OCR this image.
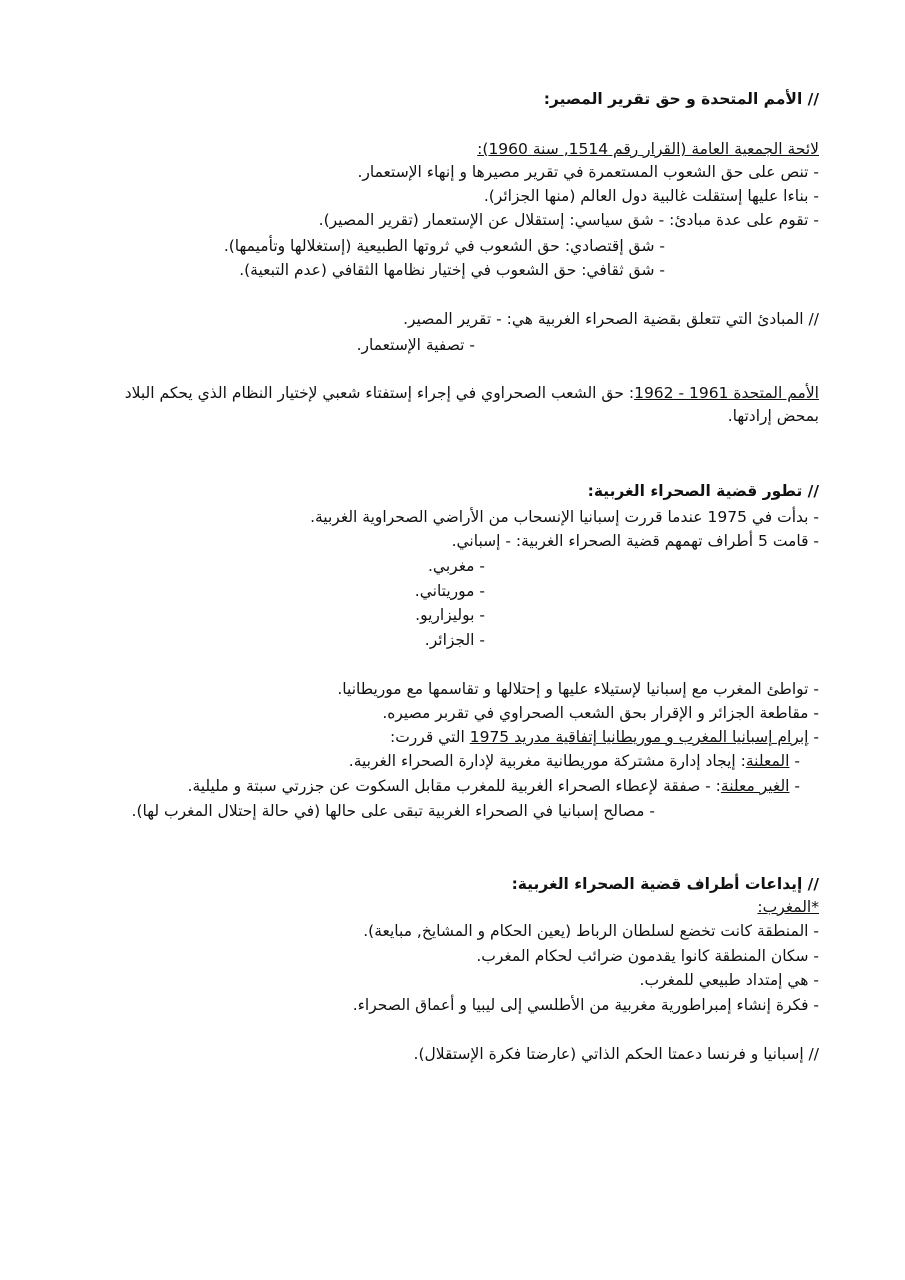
// الأمم المتحدة و حق تقرير المصير:
لائحة الجمعية العامة (القرار رقم 1514, سنة 1960):
- تنص على حق الشعوب المستعمرة في تقرير مصيرها و إنهاء الإستعمار.
- بناءا عليها إستقلت غالبية دول العالم (منها الجزائر).
- تقوم على عدة مبادئ: - شق سياسي: إستقلال عن الإستعمار (تقرير المصير).
- شق إقتصادي: حق الشعوب في ثروتها الطبيعية (إستغلالها وتأميمها).
- شق ثقافي: حق الشعوب في إختيار نظامها الثقافي (عدم التبعية).
// المبادئ التي تتعلق بقضية الصحراء الغربية هي: - تقرير المصير.
- تصفية الإستعمار.
الأمم المتحدة 1961 - 1962: حق الشعب الصحراوي في إجراء إستفتاء شعبي لإختيار النظام الذي يحكم البلاد بمحض إرادتها.
// تطور قضية الصحراء الغربية:
- بدأت في 1975 عندما قررت إسبانيا الإنسحاب من الأراضي الصحراوية الغربية.
- قامت 5 أطراف تهمهم قضية الصحراء الغربية: - إسباني.
- مغربي.
- موريتاني.
- بوليزاريو.
- الجزائر.
- تواطئ المغرب مع إسبانيا لإستيلاء عليها و إحتلالها و تقاسمها مع موريطانيا.
- مقاطعة الجزائر و الإقرار بحق الشعب الصحراوي في تقربر مصيره.
- إبرام إسبانيا المغرب و موريطانيا إتفاقية مدريد 1975 التي قررت:
- المعلنة: إيجاد إدارة مشتركة موريطانية مغربية لإدارة الصحراء الغربية.
- الغير معلنة: - صفقة لإعطاء الصحراء الغربية للمغرب مقابل السكوت عن جزرتي سبتة و مليلية.
- مصالح إسبانيا في الصحراء الغربية تبقى على حالها (في حالة إحتلال المغرب لها).
// إيداعات أطراف قضية الصحراء الغربية:
*المغرب:
- المنطقة كانت تخضع لسلطان الرباط (يعين الحكام و المشايخ, مبايعة).
- سكان المنطقة كانوا يقدمون ضرائب لحكام المغرب.
- هي إمتداد طبيعي للمغرب.
- فكرة إنشاء إمبراطورية مغربية من الأطلسي إلى ليبيا و أعماق الصحراء.
// إسبانيا و فرنسا دعمتا الحكم الذاتي (عارضتا فكرة الإستقلال).
